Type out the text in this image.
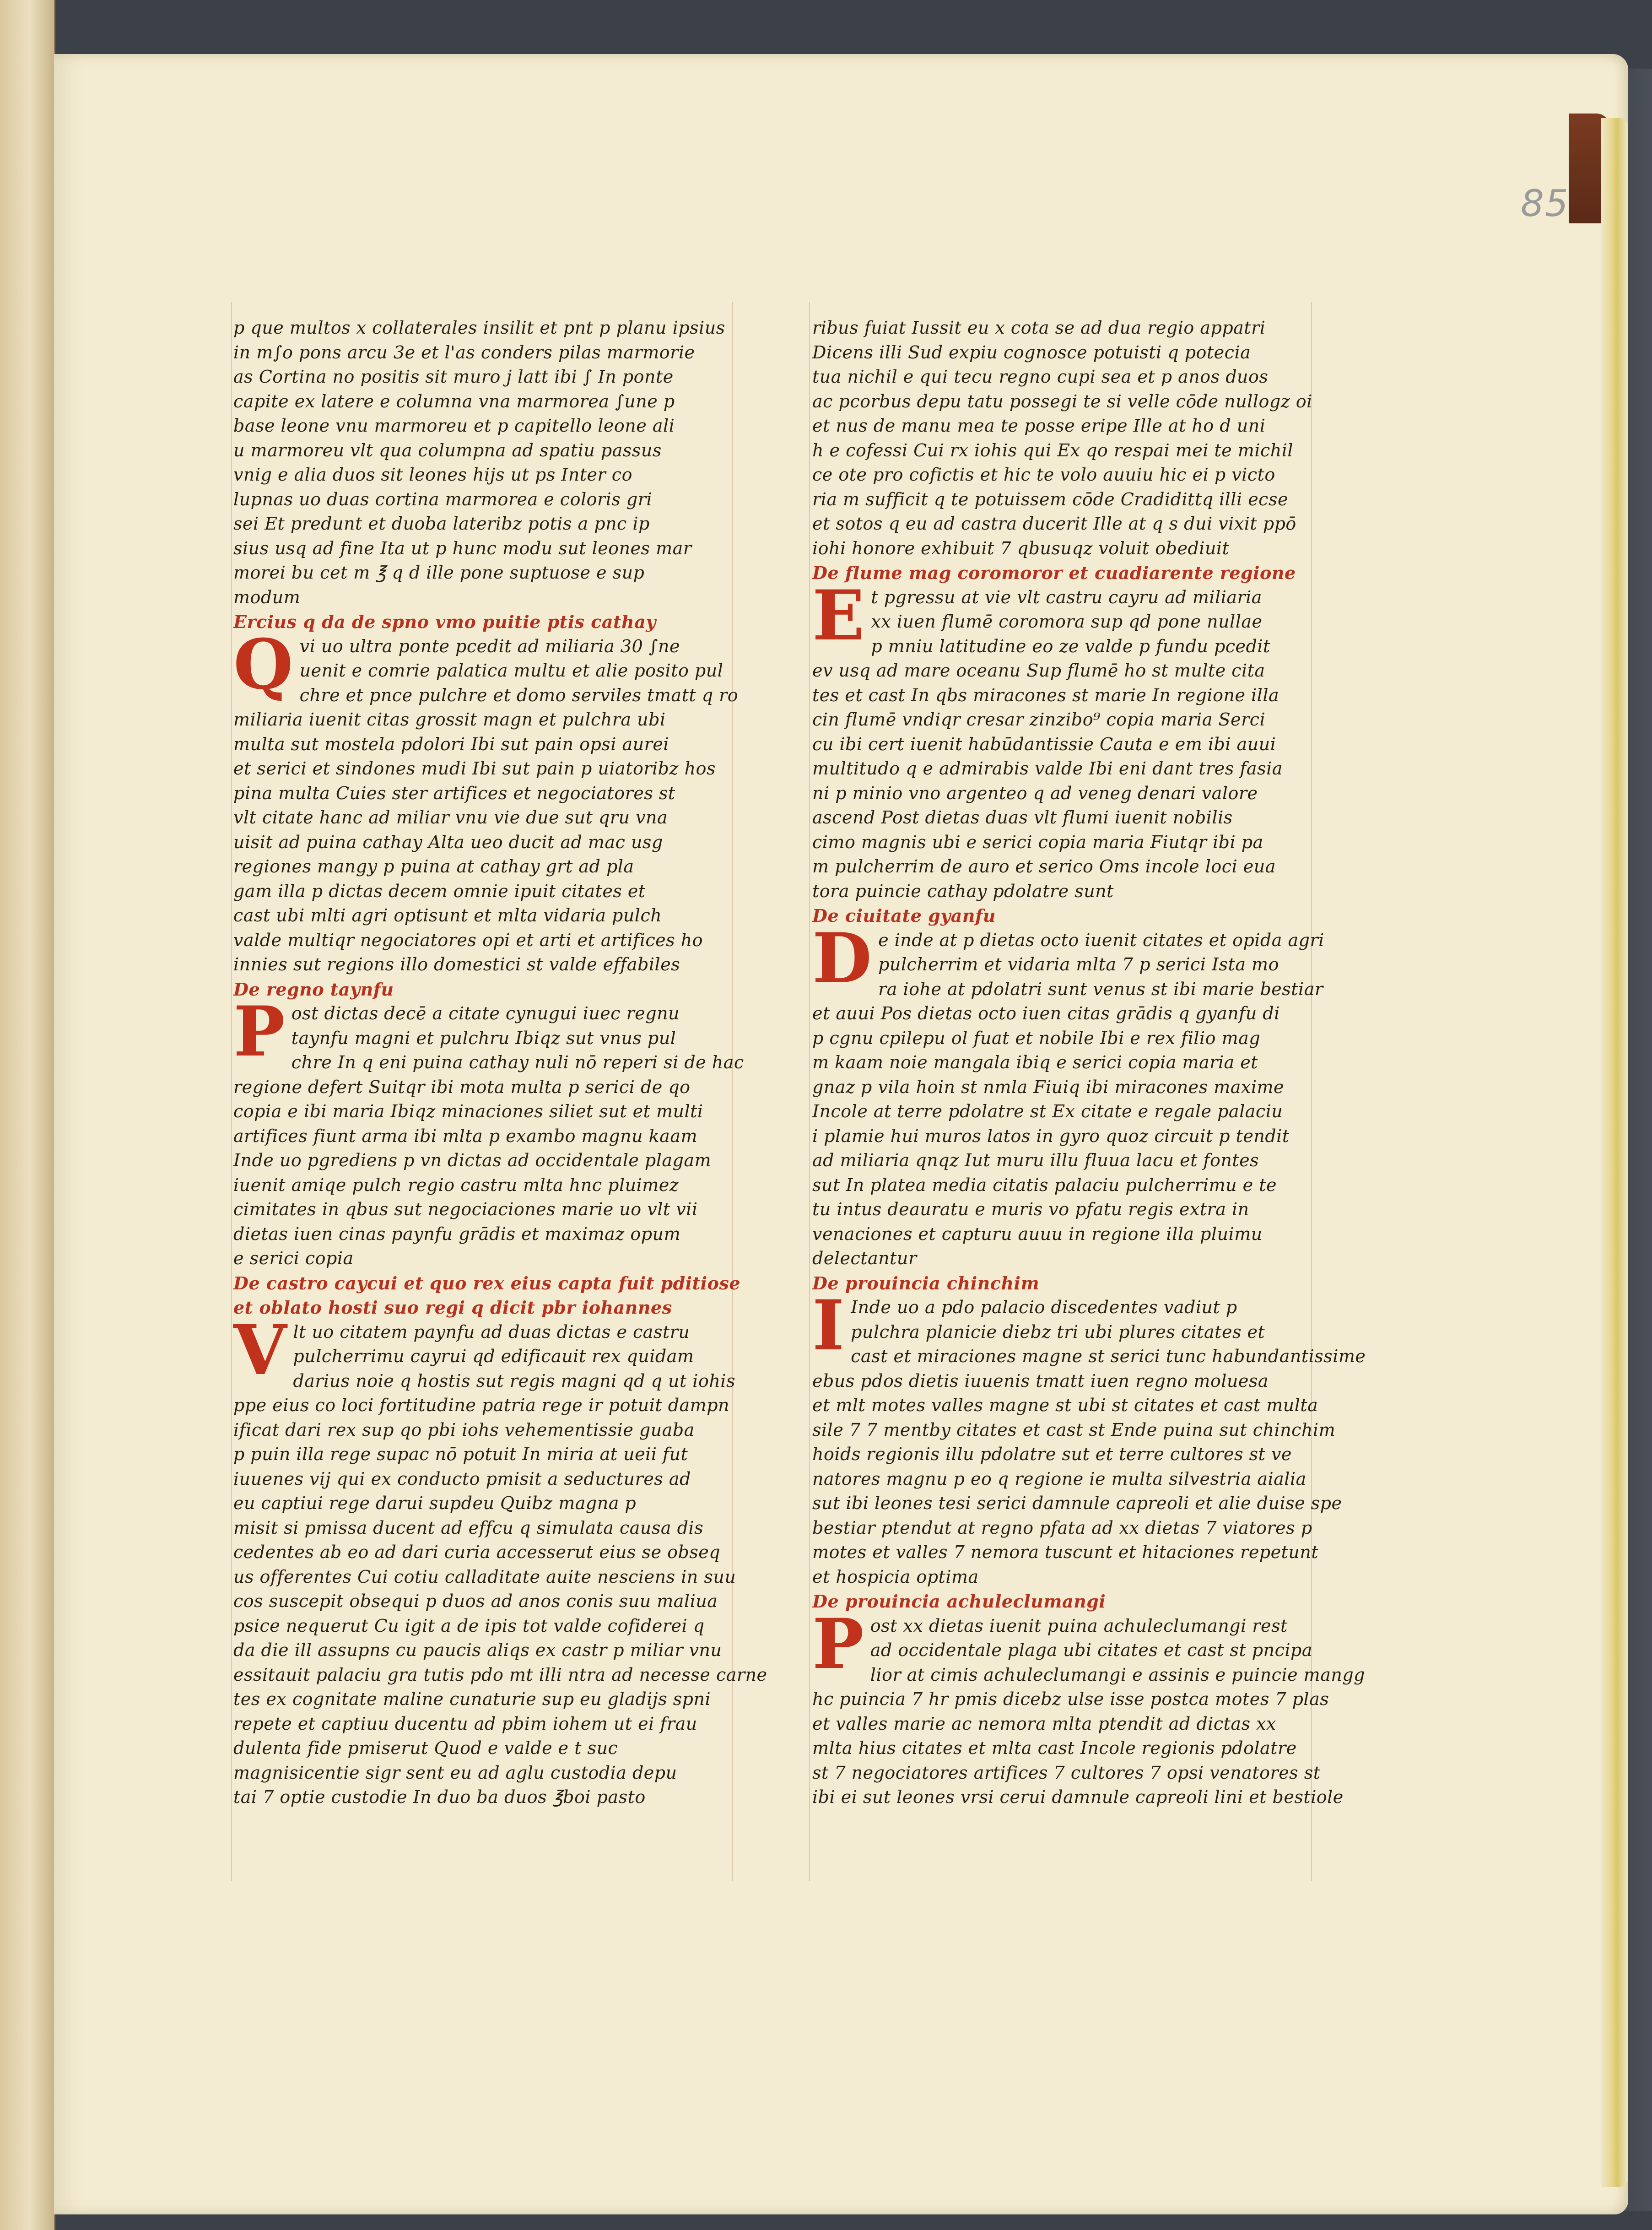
85
p que multos x collaterales insilit et pnt p planu ipsius
in m∫o pons arcu 3e et l'as conders pilas marmorie
as Cortina no positis sit muro j latt ibi ∫ In ponte
capite ex latere e columna vna marmorea ∫une p
base leone vnu marmoreu et p capitello leone ali
u marmoreu vlt qua columpna ad spatiu passus
vnig e alia duos sit leones hijs ut ps Inter co
lupnas uo duas cortina marmorea e coloris gri
sei Et predunt et duoba lateribz potis a pnc ip
sius usq ad fine Ita ut p hunc modu sut leones mar
morei bu cet m ℥ q d ille pone suptuose e sup
modum
Ercius q da de spno vmo puitie ptis cathay
Q vi uo ultra ponte pcedit ad miliaria 30 ∫ne
uenit e comrie palatica multu et alie posito pul
chre et pnce pulchre et domo serviles tmatt q ro
miliaria iuenit citas grossit magn et pulchra ubi
multa sut mostela pdolori Ibi sut pain opsi aurei
et serici et sindones mudi Ibi sut pain p uiatoribz hos
pina multa Cuies ster artifices et negociatores st
vlt citate hanc ad miliar vnu vie due sut qru vna
uisit ad puina cathay Alta ueo ducit ad mac usg
regiones mangy p puina at cathay grt ad pla
gam illa p dictas decem omnie ipuit citates et
cast ubi mlti agri optisunt et mlta vidaria pulch
valde multiqr negociatores opi et arti et artifices ho
innies sut regions illo domestici st valde effabiles
De regno taynfu
P ost dictas decē a citate cynugui iuec regnu
taynfu magni et pulchru Ibiqz sut vnus pul
chre In q eni puina cathay nuli nō reperi si de hac
regione defert Suitqr ibi mota multa p serici de qo
copia e ibi maria Ibiqz minaciones siliet sut et multi
artifices fiunt arma ibi mlta p exambo magnu kaam
Inde uo pgrediens p vn dictas ad occidentale plagam
iuenit amiqe pulch regio castru mlta hnc pluimez
cimitates in qbus sut negociaciones marie uo vlt vii
dietas iuen cinas paynfu grādis et maximaz opum
e serici copia
De castro caycui et quo rex eius capta fuit pditiose
et oblato hosti suo regi q dicit pbr iohannes
V lt uo citatem paynfu ad duas dictas e castru
pulcherrimu cayrui qd edificauit rex quidam
darius noie q hostis sut regis magni qd q ut iohis
ppe eius co loci fortitudine patria rege ir potuit dampn
ificat dari rex sup qo pbi iohs vehementissie guaba
p puin illa rege supac nō potuit In miria at ueii fut
iuuenes vij qui ex conducto pmisit a seductures ad
eu captiui rege darui supdeu Quibz magna p
misit si pmissa ducent ad effcu q simulata causa dis
cedentes ab eo ad dari curia accesserut eius se obseq
us offerentes Cui cotiu calladitate auite nesciens in suu
cos suscepit obsequi p duos ad anos conis suu maliua
psice nequerut Cu igit a de ipis tot valde cofiderei q
da die ill assupns cu paucis aliqs ex castr p miliar vnu
essitauit palaciu gra tutis pdo mt illi ntra ad necesse carne
tes ex cognitate maline cunaturie sup eu gladijs spni
repete et captiuu ducentu ad pbim iohem ut ei frau
dulenta fide pmiserut Quod e valde e t suc
magnisicentie sigr sent eu ad aglu custodia depu
tai 7 optie custodie In duo ba duos ℥boi pasto
ribus fuiat Iussit eu x cota se ad dua regio appatri
Dicens illi Sud expiu cognosce potuisti q potecia
tua nichil e qui tecu regno cupi sea et p anos duos
ac pcorbus depu tatu possegi te si velle cōde nullogz oi
et nus de manu mea te posse eripe Ille at ho d uni
h e cofessi Cui rx iohis qui Ex qo respai mei te michil
ce ote pro cofictis et hic te volo auuiu hic ei p victo
ria m sufficit q te potuissem cōde Cradidittq illi ecse
et sotos q eu ad castra ducerit Ille at q s dui vixit ppō
iohi honore exhibuit 7 qbusuqz voluit obediuit
De flume mag coromoror et cuadiarente regione
E t pgressu at vie vlt castru cayru ad miliaria
xx iuen flumē coromora sup qd pone nullae
p mniu latitudine eo ze valde p fundu pcedit
ev usq ad mare oceanu Sup flumē ho st multe cita
tes et cast In qbs miracones st marie In regione illa
cin flumē vndiqr cresar zinzibo⁹ copia maria Serci
cu ibi cert iuenit habūdantissie Cauta e em ibi auui
multitudo q e admirabis valde Ibi eni dant tres fasia
ni p minio vno argenteo q ad veneg denari valore
ascend Post dietas duas vlt flumi iuenit nobilis
cimo magnis ubi e serici copia maria Fiutqr ibi pa
m pulcherrim de auro et serico Oms incole loci eua
tora puincie cathay pdolatre sunt
De ciuitate gyanfu
D e inde at p dietas octo iuenit citates et opida agri
pulcherrim et vidaria mlta 7 p serici Ista mo
ra iohe at pdolatri sunt venus st ibi marie bestiar
et auui Pos dietas octo iuen citas grādis q gyanfu di
p cgnu cpilepu ol fuat et nobile Ibi e rex filio mag
m kaam noie mangala ibiq e serici copia maria et
gnaz p vila hoin st nmla Fiuiq ibi miracones maxime
Incole at terre pdolatre st Ex citate e regale palaciu
i plamie hui muros latos in gyro quoz circuit p tendit
ad miliaria qnqz Iut muru illu fluua lacu et fontes
sut In platea media citatis palaciu pulcherrimu e te
tu intus deauratu e muris vo pfatu regis extra in
venaciones et capturu auuu in regione illa pluimu
delectantur
De prouincia chinchim
I Inde uo a pdo palacio discedentes vadiut p
pulchra planicie diebz tri ubi plures citates et
cast et miraciones magne st serici tunc habundantissime
ebus pdos dietis iuuenis tmatt iuen regno moluesa
et mlt motes valles magne st ubi st citates et cast multa
sile 7 7 mentby citates et cast st Ende puina sut chinchim
hoids regionis illu pdolatre sut et terre cultores st ve
natores magnu p eo q regione ie multa silvestria aialia
sut ibi leones tesi serici damnule capreoli et alie duise spe
bestiar ptendut at regno pfata ad xx dietas 7 viatores p
motes et valles 7 nemora tuscunt et hitaciones repetunt
et hospicia optima
De prouincia achuleclumangi
P ost xx dietas iuenit puina achuleclumangi rest
ad occidentale plaga ubi citates et cast st pncipa
lior at cimis achuleclumangi e assinis e puincie mangg
hc puincia 7 hr pmis dicebz ulse isse postca motes 7 plas
et valles marie ac nemora mlta ptendit ad dictas xx
mlta hius citates et mlta cast Incole regionis pdolatre
st 7 negociatores artifices 7 cultores 7 opsi venatores st
ibi ei sut leones vrsi cerui damnule capreoli lini et bestiole
